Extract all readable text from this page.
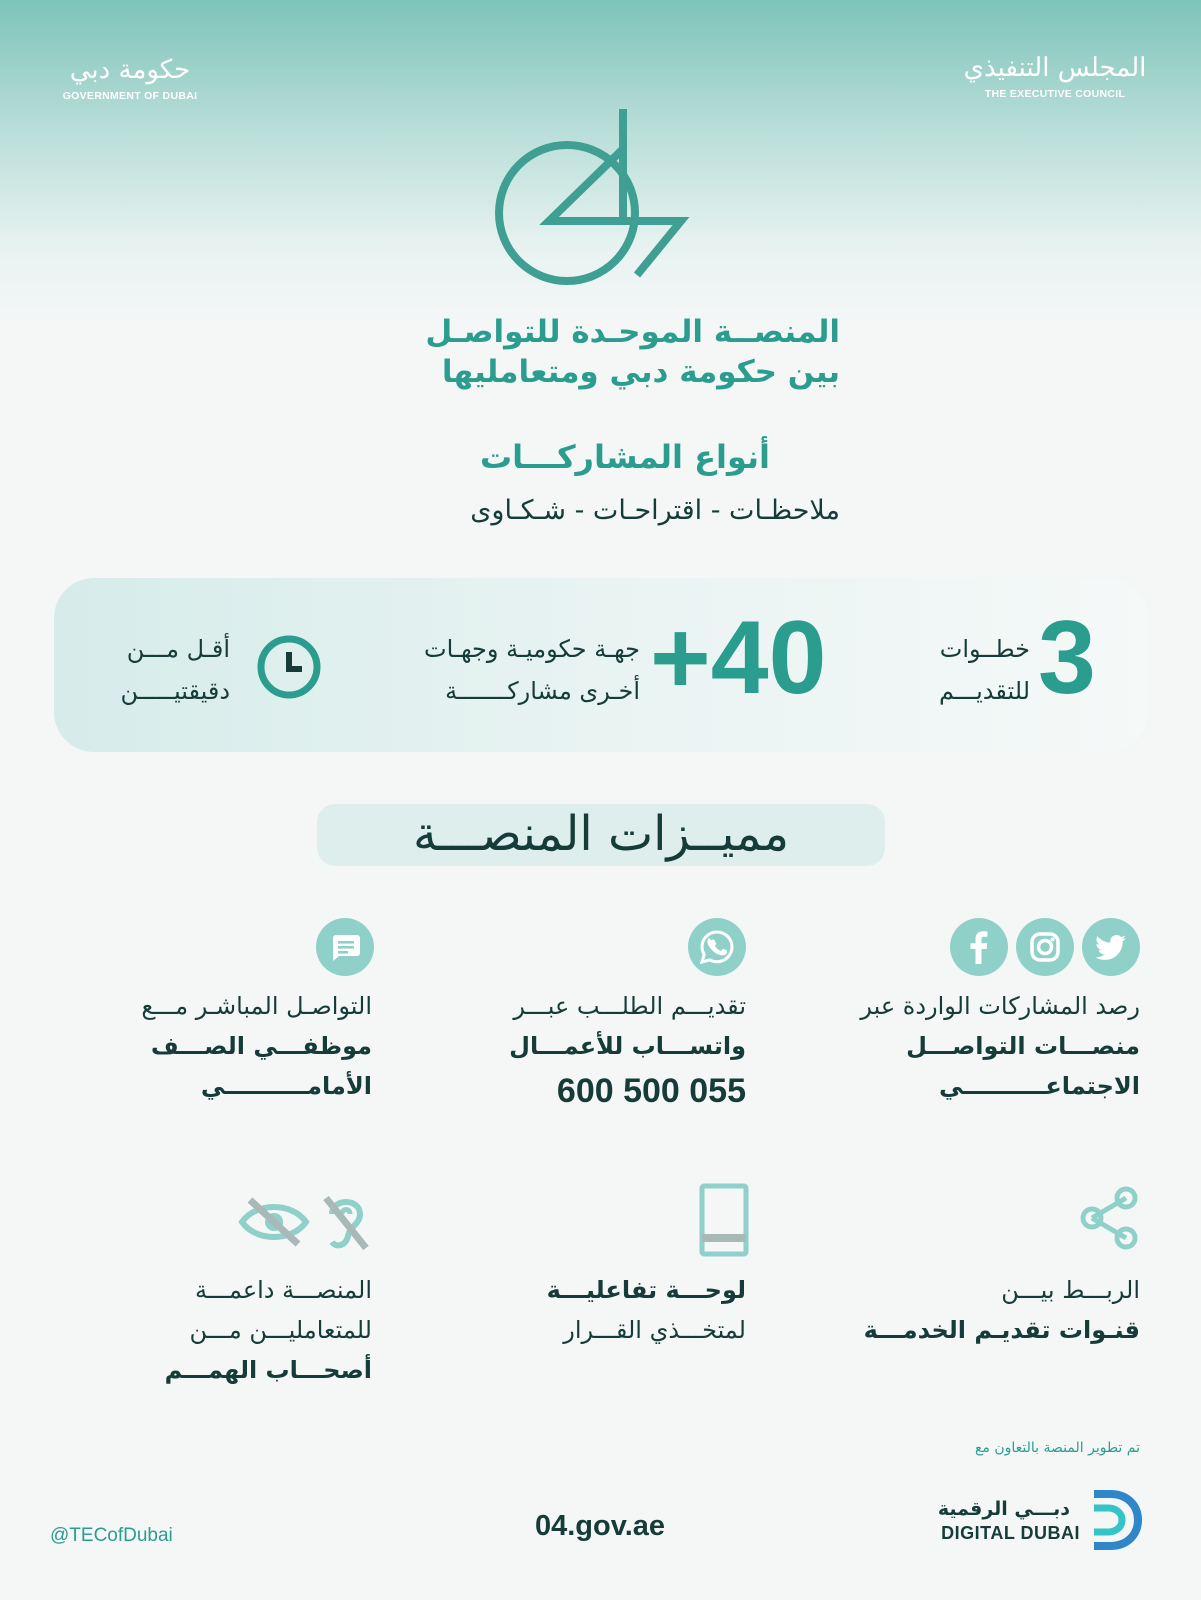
حكومة دبي
GOVERNMENT OF DUBAI
المجلس التنفيذي
THE EXECUTIVE COUNCIL
المنصــة الموحـدة للتواصـل
بين حكومة دبي ومتعامليها
أنواع المشاركـــات
ملاحظـات - اقتراحـات - شـكـاوى
3
خطــوات
للتقديـــم
+40
جهـة حكوميـة وجهـات
أخـرى مشاركـــــــة
أقـل مـــن
دقيقتيـــــن
مميــزات المنصـــة
رصد المشاركات الواردة عبر
منصـــات التواصـــل
الاجتماعــــــــــي
تقديـــم الطلـــب عبـــر
واتســـاب للأعمـــال
600 500 055
التواصـل المباشـر مـــع
موظفـــي الصـــف
الأمامــــــــــي
الربـــط بيـــن
قنـوات تقديـم الخدمـــة
لوحـــة تفاعليـــة
لمتخـــذي القـــرار
المنصـــة داعمـــة
للمتعامليـــن مـــن
أصحـــاب الهمـــم
تم تطوير المنصة بالتعاون مع
دبـــي الرقمية
DIGITAL DUBAI
04.gov.ae
@TECofDubai
